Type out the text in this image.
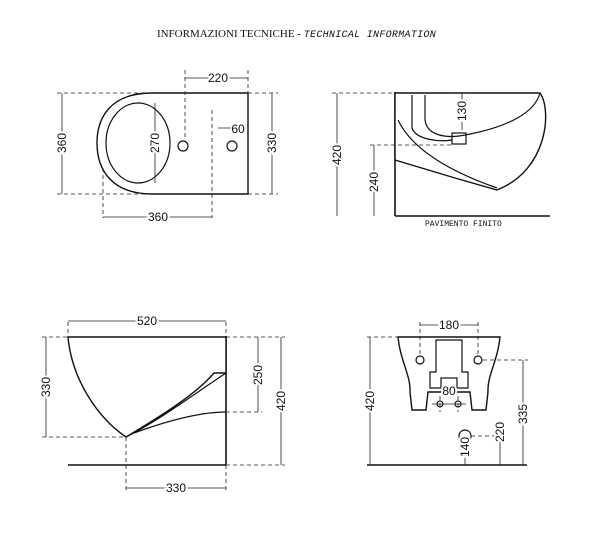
INFORMAZIONI TECNICHE - TECHNICAL INFORMATION
220
60
360	270	330
360
130
420
240
PAVIMENTO FINITO
520
330
250
420
330
180
420	80
140
220
335
